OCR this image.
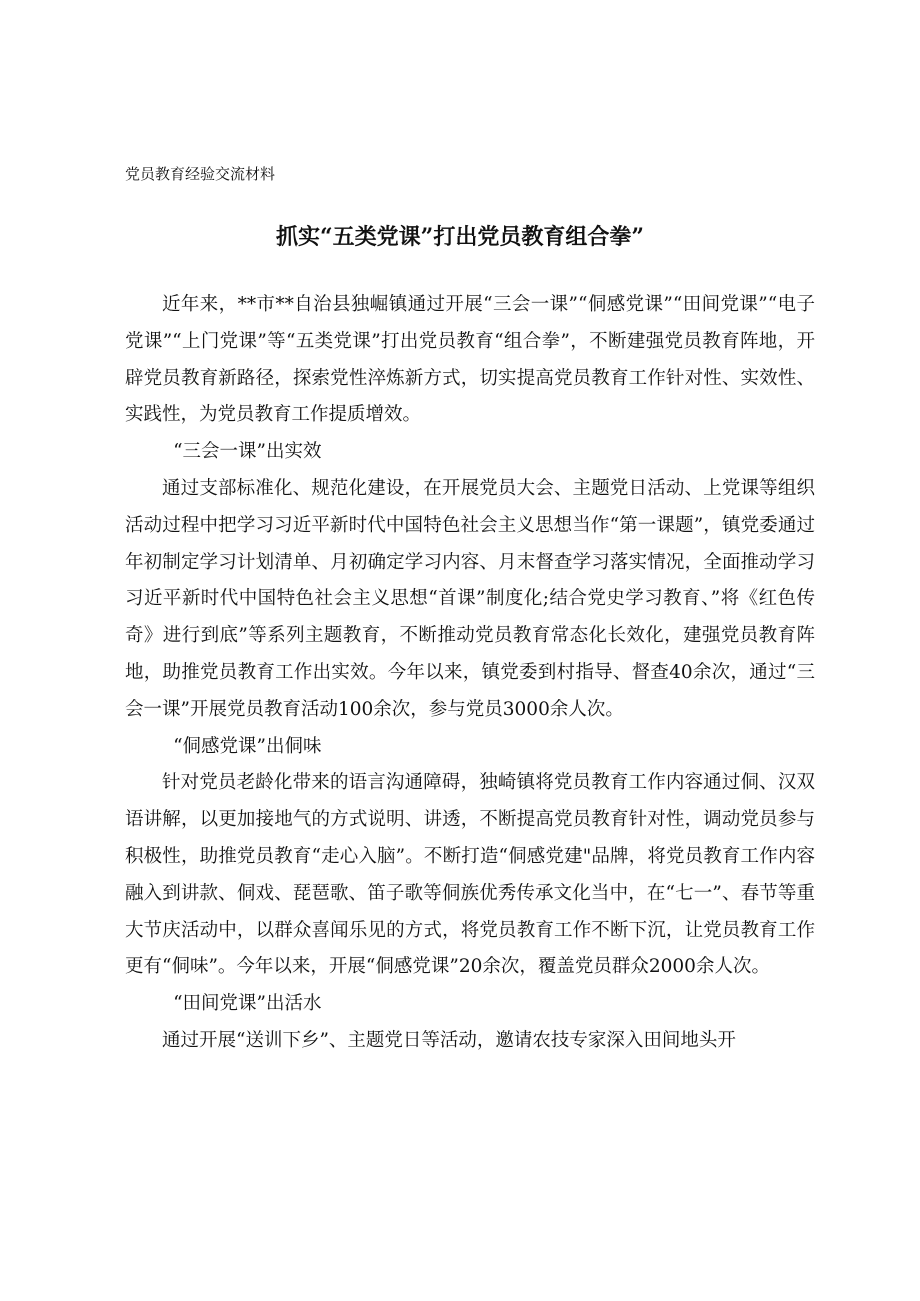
党员教育经验交流材料
抓实“五类党课”打出党员教育组合拳”

近年来，**市**自治县独崛镇通过开展“三会一课”“侗感党课”“田间党课”“电子党课”“上门党课”等“五类党课”打出党员教育“组合拳”，不断建强党员教育阵地，开辟党员教育新路径，探索党性淬炼新方式，切实提高党员教育工作针对性、实效性、实践性，为党员教育工作提质增效。

“三会一课”出实效

通过支部标准化、规范化建设，在开展党员大会、主题党日活动、上党课等组织活动过程中把学习习近平新时代中国特色社会主义思想当作“第一课题”，镇党委通过年初制定学习计划清单、月初确定学习内容、月末督查学习落实情况，全面推动学习习近平新时代中国特色社会主义思想“首课”制度化;结合党史学习教育、”将《红色传奇》进行到底”等系列主题教育，不断推动党员教育常态化长效化，建强党员教育阵地，助推党员教育工作出实效。今年以来，镇党委到村指导、督查40余次，通过“三会一课”开展党员教育活动100余次，参与党员3000余人次。

“侗感党课”出侗味

针对党员老龄化带来的语言沟通障碍，独崎镇将党员教育工作内容通过侗、汉双语讲解，以更加接地气的方式说明、讲透，不断提高党员教育针对性，调动党员参与积极性，助推党员教育“走心入脑”。不断打造“侗感党建"品牌，将党员教育工作内容融入到讲款、侗戏、琵琶歌、笛子歌等侗族优秀传承文化当中，在“七一”、春节等重大节庆活动中，以群众喜闻乐见的方式，将党员教育工作不断下沉，让党员教育工作更有“侗味”。今年以来，开展“侗感党课”20余次，覆盖党员群众2000余人次。

“田间党课”出活水

通过开展“送训下乡”、主题党日等活动，邀请农技专家深入田间地头开
